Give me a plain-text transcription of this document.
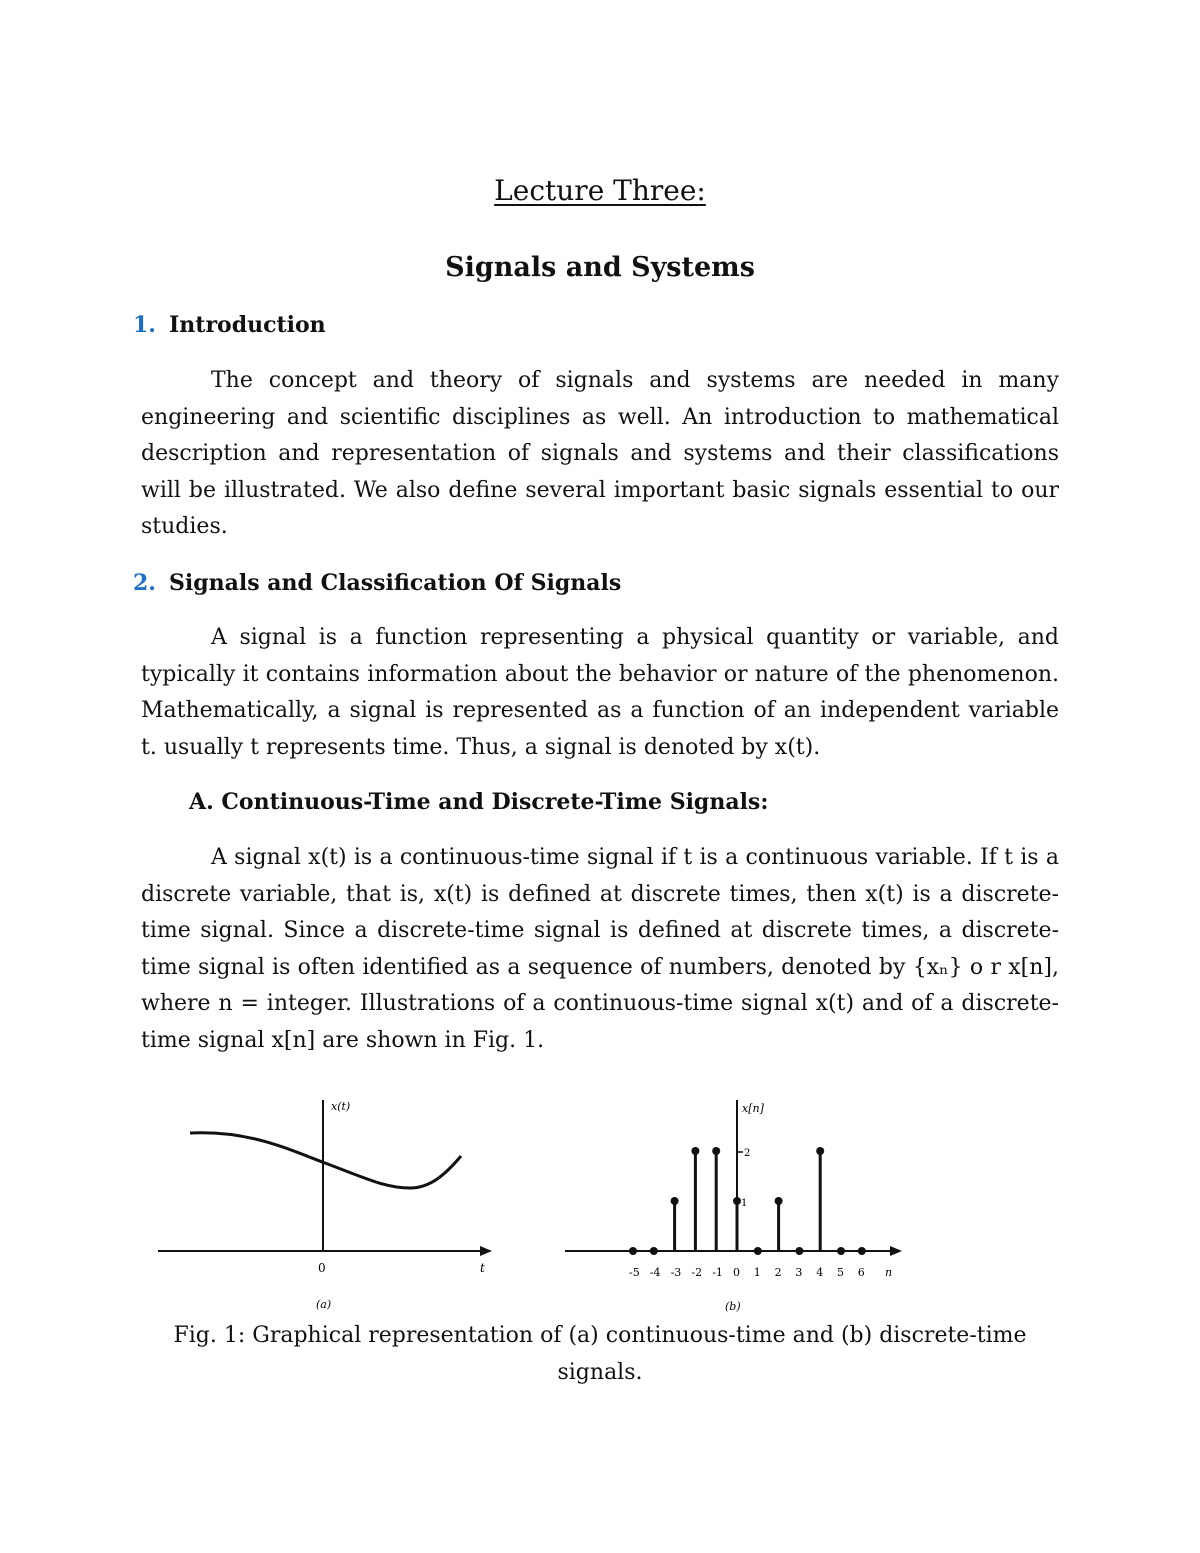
Lecture Three:
Signals and Systems
1. Introduction

The concept and theory of signals and systems are needed in many engineering and scientific disciplines as well. An introduction to mathematical description and representation of signals and systems and their classifications will be illustrated. We also define several important basic signals essential to our studies.

2. Signals and Classification Of Signals

A signal is a function representing a physical quantity or variable, and typically it contains information about the behavior or nature of the phenomenon. Mathematically, a signal is represented as a function of an independent variable t. usually t represents time. Thus, a signal is denoted by x(t).

A. Continuous-Time and Discrete-Time Signals:

A signal x(t) is a continuous-time signal if t is a continuous variable. If t is a discrete variable, that is, x(t) is defined at discrete times, then x(t) is a discrete-time signal. Since a discrete-time signal is defined at discrete times, a discrete-time signal is often identified as a sequence of numbers, denoted by {xₙ} o r x[n], where n = integer. Illustrations of a continuous-time signal x(t) and of a discrete-time signal x[n] are shown in Fig. 1.

x(t)
0	t
(a)
x[n]
2
1
n
(b)
-5 -4 -3 -2 -1 0 1 2 3 4 5 6

Fig. 1: Graphical representation of (a) continuous-time and (b) discrete-time signals.
